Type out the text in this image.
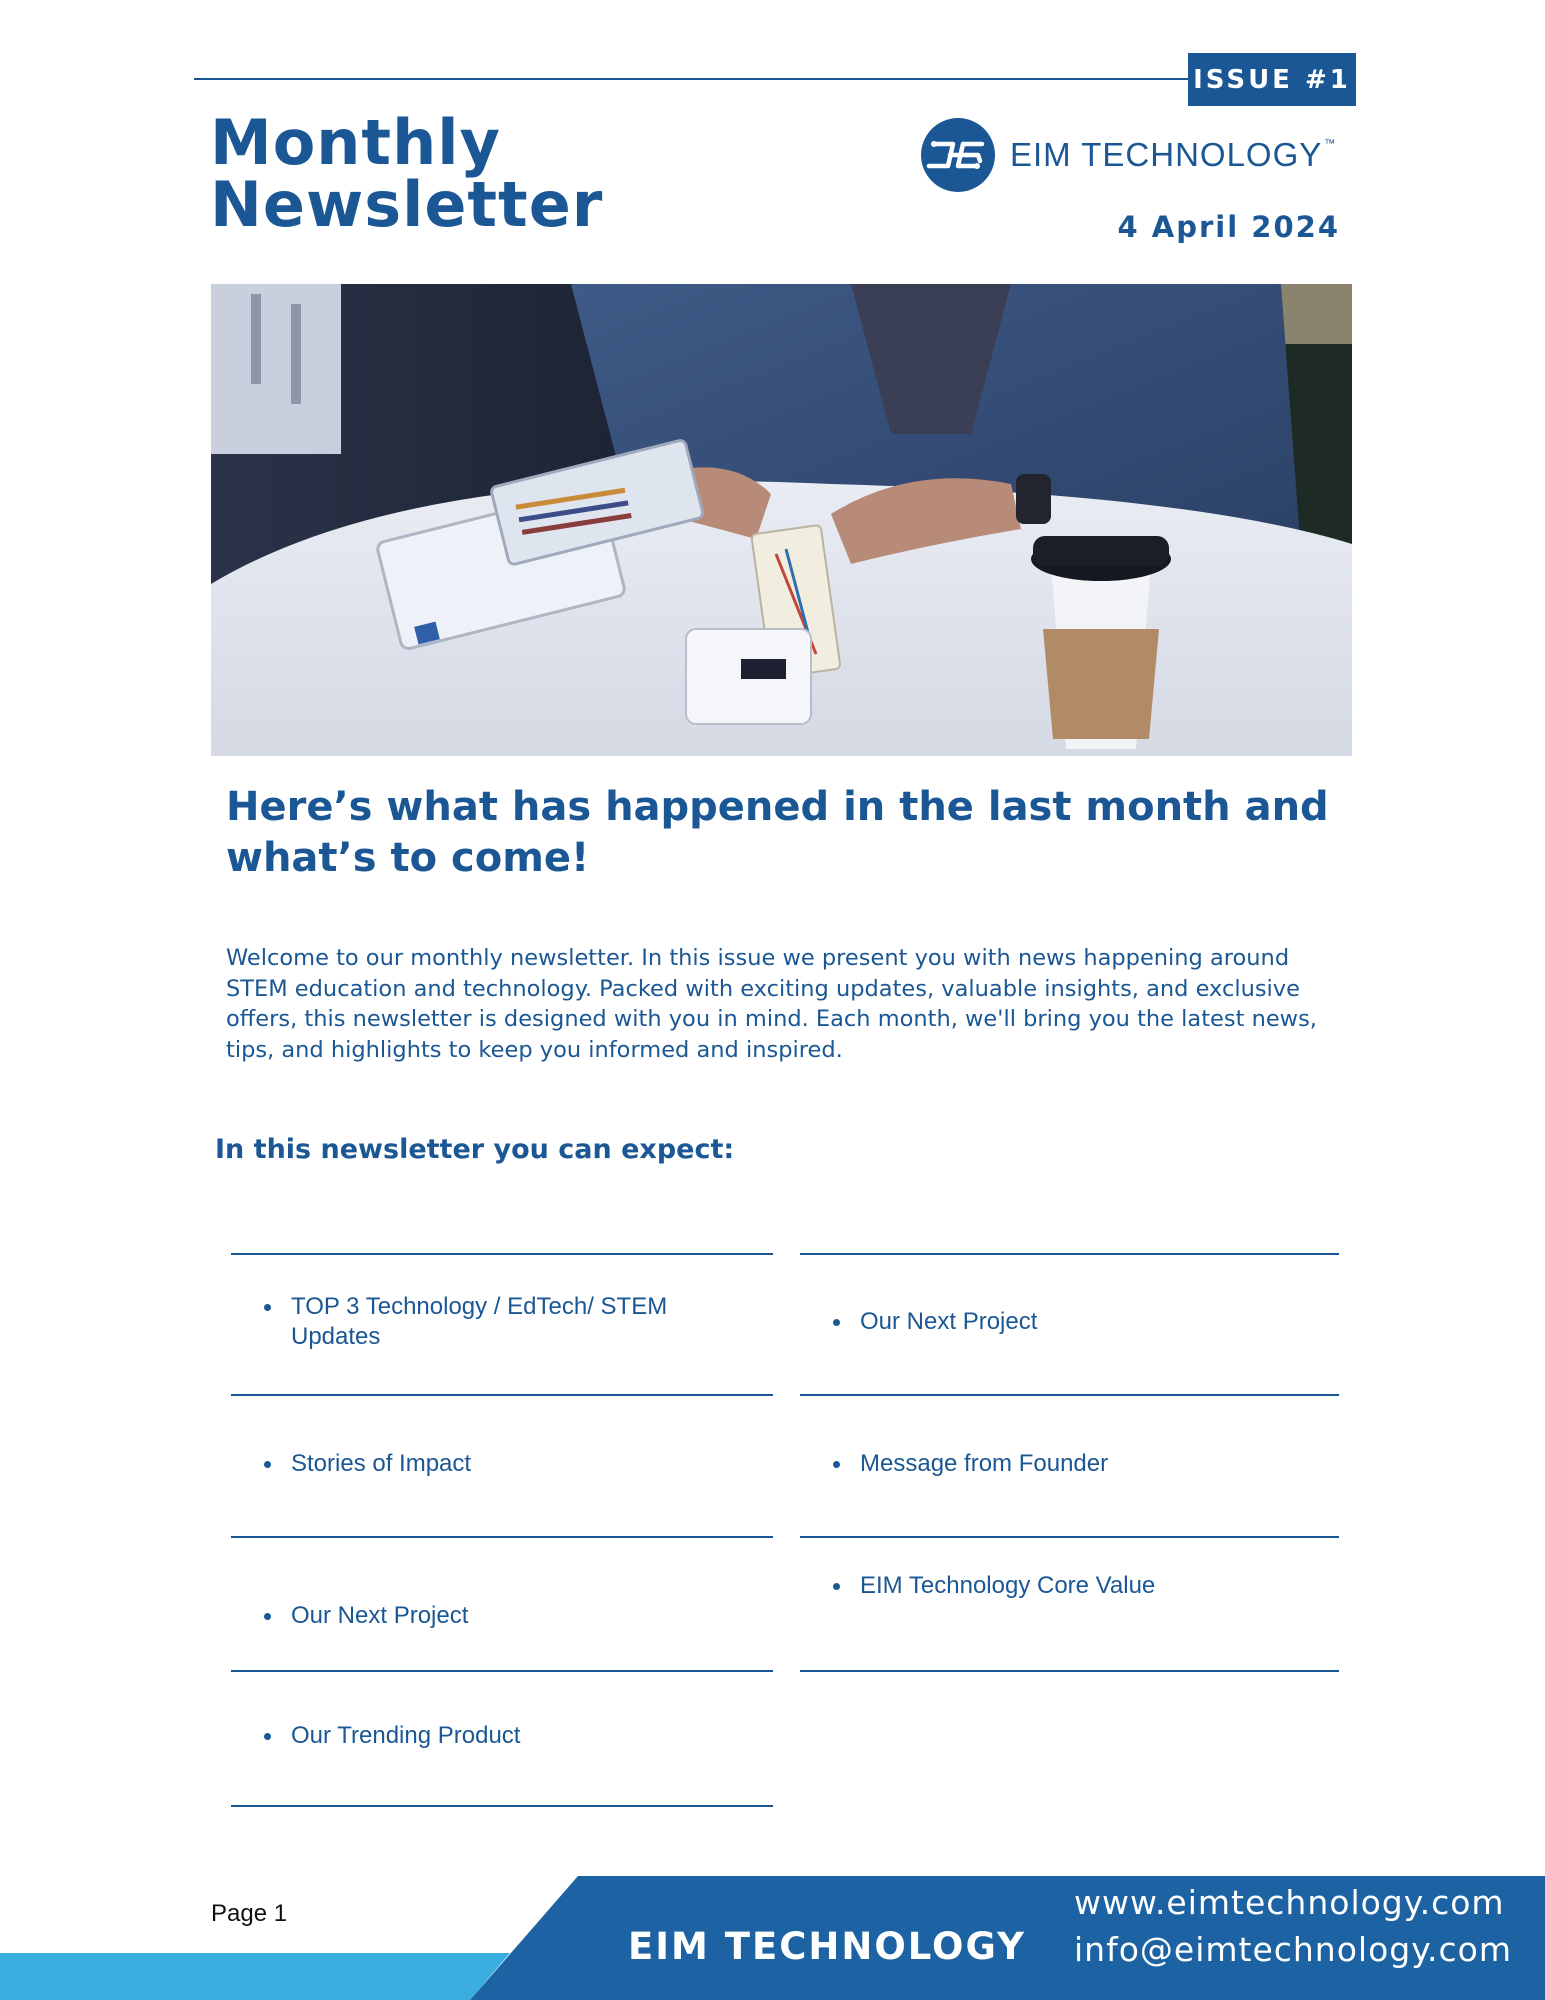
ISSUE #1
Monthly
Newsletter
EIM TECHNOLOGY ™
4 April 2024
Here’s what has happened in the last month and what’s to come!

Welcome to our monthly newsletter. In this issue we present you with news happening around STEM education and technology. Packed with exciting updates, valuable insights, and exclusive offers, this newsletter is designed with you in mind. Each month, we'll bring you the latest news, tips, and highlights to keep you informed and inspired.

In this newsletter you can expect:
TOP 3 Technology / EdTech/ STEM Updates
Stories of Impact
Our Next Project
Our Trending Product
Our Next Project
Message from Founder
EIM Technology Core Value
Page 1
EIM TECHNOLOGY
www.eimtechnology.com
info@eimtechnology.com
